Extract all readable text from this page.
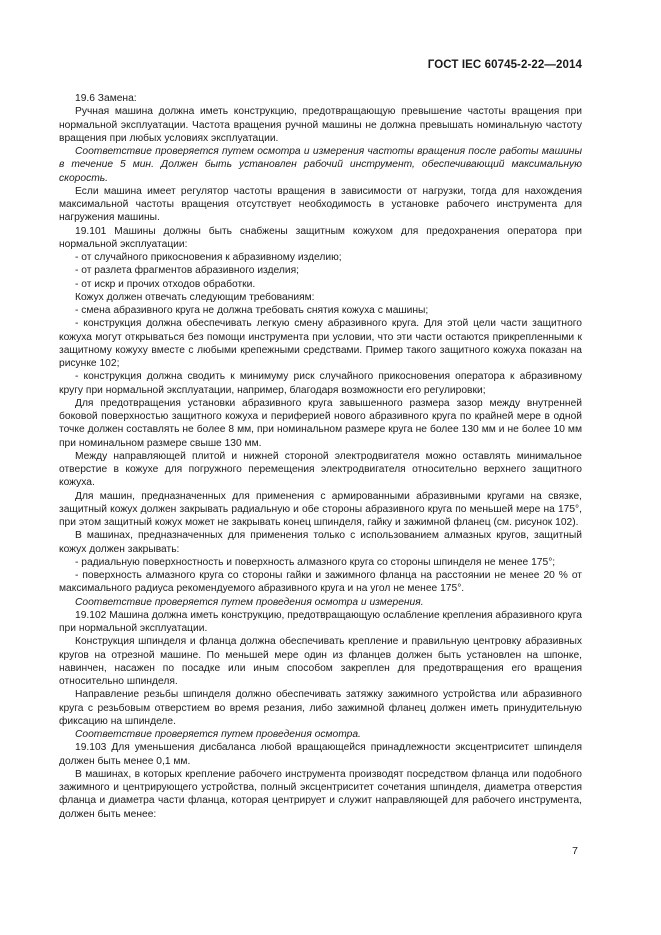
ГОСТ IEC 60745-2-22—2014

19.6 Замена:

Ручная машина должна иметь конструкцию, предотвращающую превышение частоты вращения при нормальной эксплуатации. Частота вращения ручной машины не должна превышать номинальную частоту вращения при любых условиях эксплуатации.

Соответствие проверяется путем осмотра и измерения частоты вращения после работы машины в течение 5 мин. Должен быть установлен рабочий инструмент, обеспечивающий максимальную скорость.

Если машина имеет регулятор частоты вращения в зависимости от нагрузки, тогда для нахождения максимальной частоты вращения отсутствует необходимость в установке рабочего инструмента для нагружения машины.

19.101 Машины должны быть снабжены защитным кожухом для предохранения оператора при нормальной эксплуатации:

- от случайного прикосновения к абразивному изделию;

- от разлета фрагментов абразивного изделия;

- от искр и прочих отходов обработки.

Кожух должен отвечать следующим требованиям:

- смена абразивного круга не должна требовать снятия кожуха с машины;

- конструкция должна обеспечивать легкую смену абразивного круга. Для этой цели части защитного кожуха могут открываться без помощи инструмента при условии, что эти части остаются прикрепленными к защитному кожуху вместе с любыми крепежными средствами. Пример такого защитного кожуха показан на рисунке 102;

- конструкция должна сводить к минимуму риск случайного прикосновения оператора к абразивному кругу при нормальной эксплуатации, например, благодаря возможности его регулировки;

Для предотвращения установки абразивного круга завышенного размера зазор между внутренней боковой поверхностью защитного кожуха и периферией нового абразивного круга по крайней мере в одной точке должен составлять не более 8 мм, при номинальном размере круга не более 130 мм и не более 10 мм при номинальном размере свыше 130 мм.

Между направляющей плитой и нижней стороной электродвигателя можно оставлять минимальное отверстие в кожухе для погружного перемещения электродвигателя относительно верхнего защитного кожуха.

Для машин, предназначенных для применения с армированными абразивными кругами на связке, защитный кожух должен закрывать радиальную и обе стороны абразивного круга по меньшей мере на 175°, при этом защитный кожух может не закрывать конец шпинделя, гайку и зажимной фланец (см. рисунок 102).

В машинах, предназначенных для применения только с использованием алмазных кругов, защитный кожух должен закрывать:

- радиальную поверхностность и поверхность алмазного круга со стороны шпинделя не менее 175°;

- поверхность алмазного круга со стороны гайки и зажимного фланца на расстоянии не менее 20 % от максимального радиуса рекомендуемого абразивного круга и на угол не менее 175°.

Соответствие проверяется путем проведения осмотра и измерения.

19.102 Машина должна иметь конструкцию, предотвращающую ослабление крепления абразивного круга при нормальной эксплуатации.

Конструкция шпинделя и фланца должна обеспечивать крепление и правильную центровку абразивных кругов на отрезной машине. По меньшей мере один из фланцев должен быть установлен на шпонке, навинчен, насажен по посадке или иным способом закреплен для предотвращения его вращения относительно шпинделя.

Направление резьбы шпинделя должно обеспечивать затяжку зажимного устройства или абразивного круга с резьбовым отверстием во время резания, либо зажимной фланец должен иметь принудительную фиксацию на шпинделе.

Соответствие проверяется путем проведения осмотра.

19.103 Для уменьшения дисбаланса любой вращающейся принадлежности эксцентриситет шпинделя должен быть менее 0,1 мм.

В машинах, в которых крепление рабочего инструмента производят посредством фланца или подобного зажимного и центрирующего устройства, полный эксцентриситет сочетания шпинделя, диаметра отверстия фланца и диаметра части фланца, которая центрирует и служит направляющей для рабочего инструмента, должен быть менее:

7
